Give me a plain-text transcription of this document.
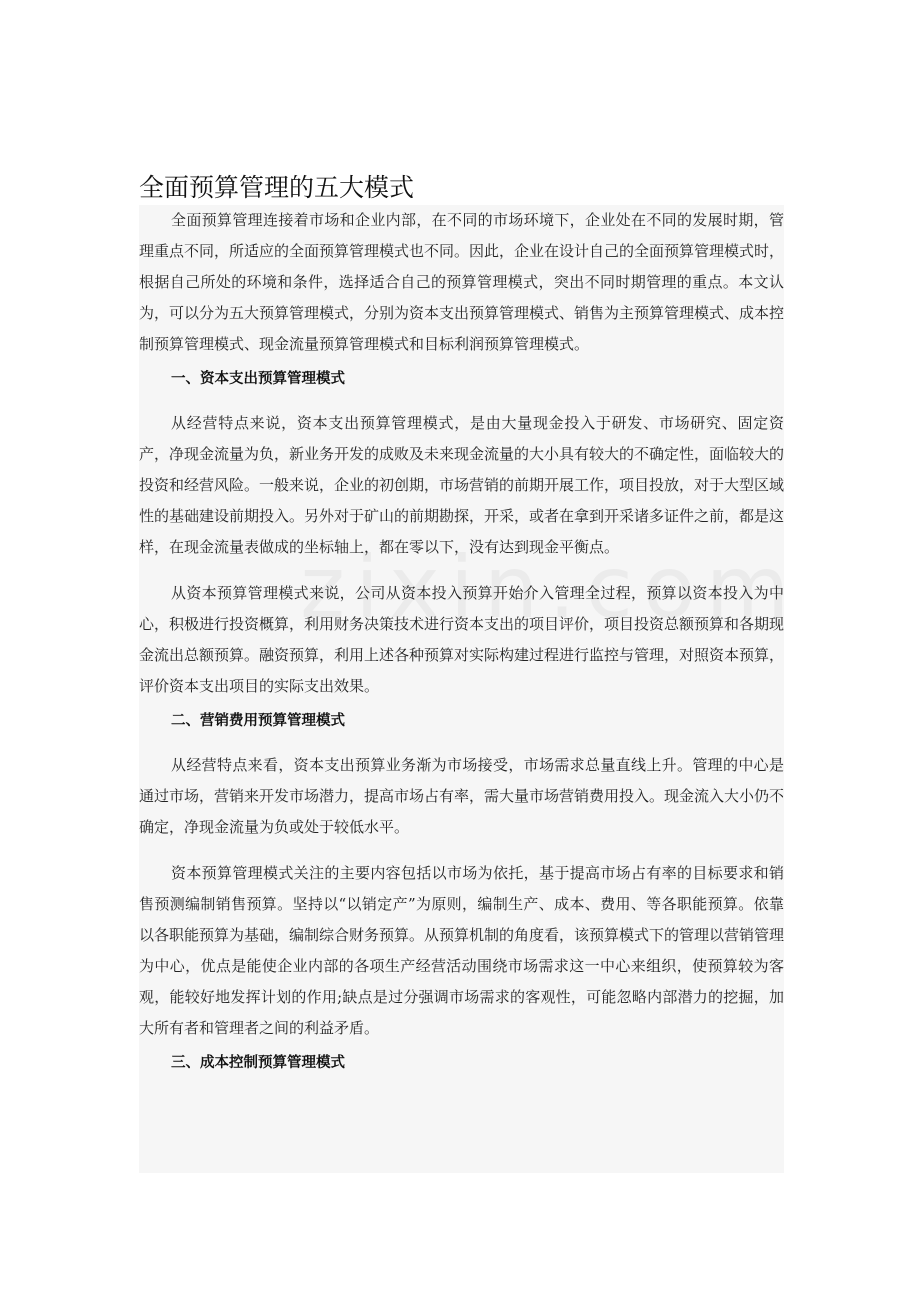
全面预算管理的五大模式

全面预算管理连接着市场和企业内部，在不同的市场环境下，企业处在不同的发展时期，管理重点不同，所适应的全面预算管理模式也不同。因此，企业在设计自己的全面预算管理模式时，根据自己所处的环境和条件，选择适合自己的预算管理模式，突出不同时期管理的重点。本文认为，可以分为五大预算管理模式，分别为资本支出预算管理模式、销售为主预算管理模式、成本控制预算管理模式、现金流量预算管理模式和目标利润预算管理模式。

一、资本支出预算管理模式

从经营特点来说，资本支出预算管理模式，是由大量现金投入于研发、市场研究、固定资产，净现金流量为负，新业务开发的成败及未来现金流量的大小具有较大的不确定性，面临较大的投资和经营风险。一般来说，企业的初创期，市场营销的前期开展工作，项目投放，对于大型区域性的基础建设前期投入。另外对于矿山的前期勘探，开采，或者在拿到开采诸多证件之前，都是这样，在现金流量表做成的坐标轴上，都在零以下，没有达到现金平衡点。

从资本预算管理模式来说，公司从资本投入预算开始介入管理全过程，预算以资本投入为中心，积极进行投资概算，利用财务决策技术进行资本支出的项目评价，项目投资总额预算和各期现金流出总额预算。融资预算，利用上述各种预算对实际构建过程进行监控与管理，对照资本预算，评价资本支出项目的实际支出效果。

二、营销费用预算管理模式

从经营特点来看，资本支出预算业务渐为市场接受，市场需求总量直线上升。管理的中心是通过市场，营销来开发市场潜力，提高市场占有率，需大量市场营销费用投入。现金流入大小仍不确定，净现金流量为负或处于较低水平。

资本预算管理模式关注的主要内容包括以市场为依托，基于提高市场占有率的目标要求和销售预测编制销售预算。坚持以“以销定产”为原则，编制生产、成本、费用、等各职能预算。依靠以各职能预算为基础，编制综合财务预算。从预算机制的角度看，该预算模式下的管理以营销管理为中心，优点是能使企业内部的各项生产经营活动围绕市场需求这一中心来组织，使预算较为客观，能较好地发挥计划的作用;缺点是过分强调市场需求的客观性，可能忽略内部潜力的挖掘，加大所有者和管理者之间的利益矛盾。

三、成本控制预算管理模式
